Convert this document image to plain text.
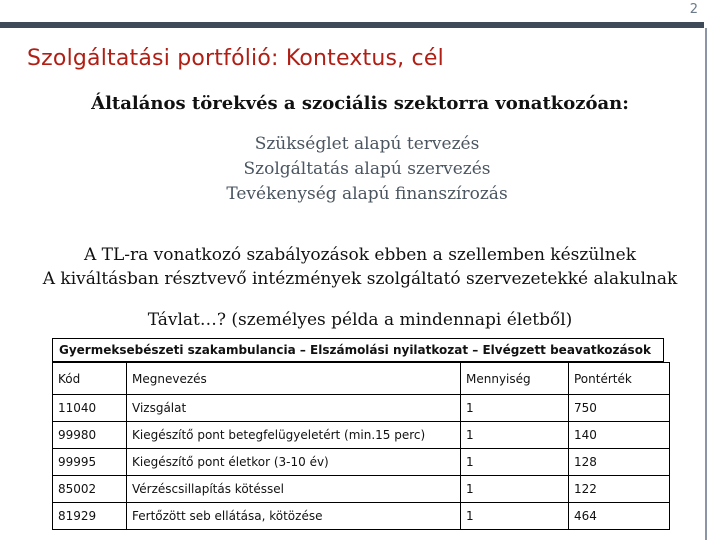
2
Szolgáltatási portfólió: Kontextus, cél
Általános törekvés a szociális szektorra vonatkozóan:
Szükséglet alapú tervezés
Szolgáltatás alapú szervezés
Tevékenység alapú finanszírozás
A TL-ra vonatkozó szabályozások ebben a szellemben készülnek
A kiváltásban résztvevő intézmények szolgáltató szervezetekké alakulnak
Távlat…? (személyes példa a mindennapi életből)
Gyermeksebészeti szakambulancia – Elszámolási nyilatkozat – Elvégzett beavatkozások
Kód	Megnevezés	Mennyiség	Pontérték
11040	Vizsgálat	1	750
99980	Kiegészítő pont betegfelügyeletért (min.15 perc)	1	140
99995	Kiegészítő pont életkor (3-10 év)	1	128
85002	Vérzéscsillapítás kötéssel	1	122
81929	Fertőzött seb ellátása, kötözése	1	464
